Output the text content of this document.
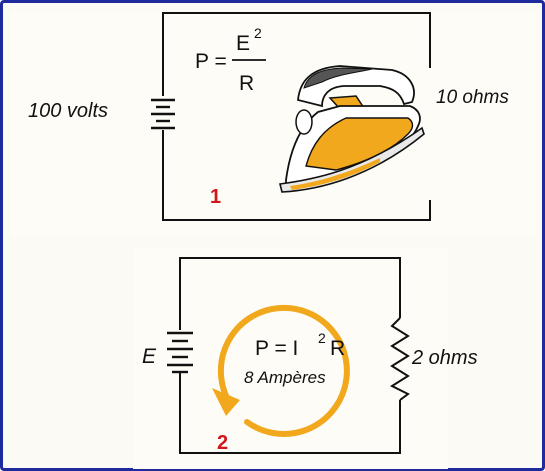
100 volts
P =
E 2
R
10 ohms
1
E	2 ohms
P = I 2 R
8 Ampères
2
